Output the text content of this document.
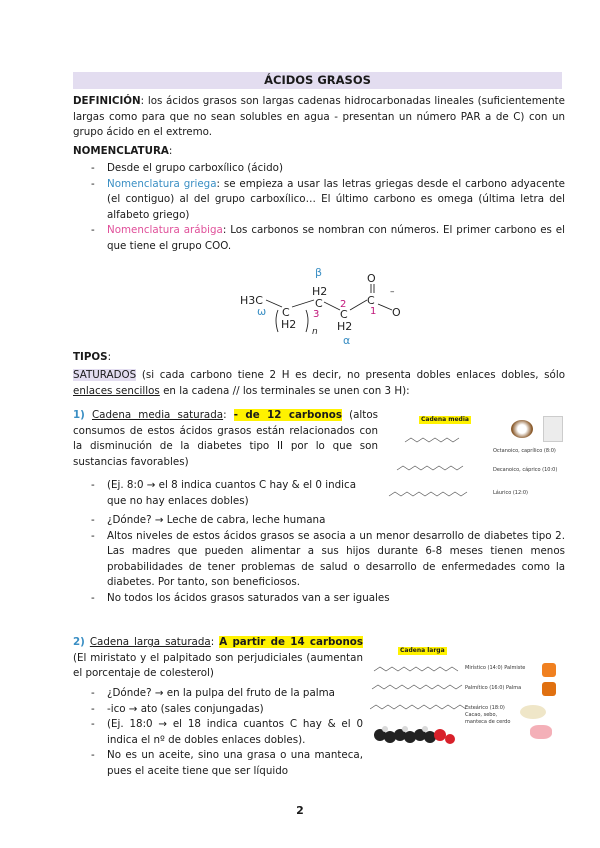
ÁCIDOS GRASOS
DEFINICIÓN: los ácidos grasos son largas cadenas hidrocarbonadas lineales (suficientemente largas como para que no sean solubles en agua - presentan un número PAR a de C) con un grupo ácido en el extremo.
NOMENCLATURA:
- Desde el grupo carboxílico (ácido)
- Nomenclatura griega: se empieza a usar las letras griegas desde el carbono adyacente (el contiguo) al del grupo carboxílico… El último carbono es omega (última letra del alfabeto griego)
- Nomenclatura arábiga: Los carbonos se nombran con números. El primer carbono es el que tiene el grupo COO.
β
H2
C
3
2
1
H3C
C
H2
n
ω	C
H2
α
C
O
O
–
TIPOS:
SATURADOS (si cada carbono tiene 2 H es decir, no presenta dobles enlaces dobles, sólo enlaces sencillos en la cadena // los terminales se unen con 3 H):
1) Cadena media saturada: - de 12 carbonos (altos consumos de estos ácidos grasos están relacionados con la disminución de la diabetes tipo II por lo que son sustancias favorables)
- (Ej. 8:0 → el 8 indica cuantos C hay & el 0 indica que no hay enlaces dobles)
- ¿Dónde? → Leche de cabra, leche humana
- Altos niveles de estos ácidos grasos se asocia a un menor desarrollo de diabetes tipo 2. Las madres que pueden alimentar a sus hijos durante 6-8 meses tienen menos probabilidades de tener problemas de salud o desarrollo de enfermedades como la diabetes. Por tanto, son beneficiosos.
- No todos los ácidos grasos saturados van a ser iguales
Cadena media
Octanoico, caprílico (8:0)
Decanoico, cáprico (10:0)
Láurico (12:0)
2) Cadena larga saturada: A partir de 14 carbonos (El miristato y el palpitado son perjudiciales (aumentan el porcentaje de colesterol)
- ¿Dónde? → en la pulpa del fruto de la palma
- -ico → ato (sales conjungadas)
- (Ej. 18:0 → el 18 indica cuantos C hay & el 0 indica el nº de dobles enlaces dobles).
- No es un aceite, sino una grasa o una manteca, pues el aceite tiene que ser líquido
Cadena larga
Mirístico (14:0) Palmiste
Palmítico (16:0) Palma
Esteárico (18:0) Cacao, sebo, manteca de cerdo
2
